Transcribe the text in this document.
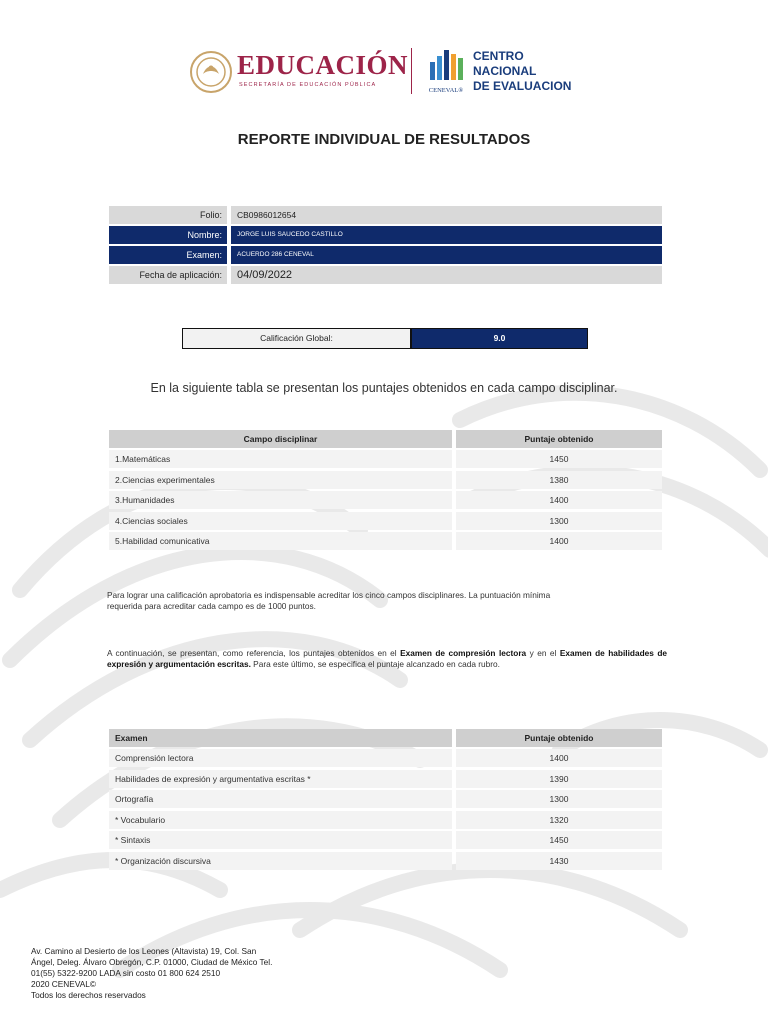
EDUCACIÓN
SECRETARÍA DE EDUCACIÓN PÚBLICA
CENEVAL®
CENTRO
NACIONAL
DE EVALUACION
REPORTE INDIVIDUAL DE RESULTADOS
Folio:	CB0986012654
Nombre:	JORGE LUIS SAUCEDO CASTILLO
Examen:	ACUERDO 286 CENEVAL
Fecha de aplicación:	04/09/2022
Calificación Global:	9.0
En la siguiente tabla se presentan los puntajes obtenidos en cada campo disciplinar.
Campo disciplinar	Puntaje obtenido
1.Matemáticas	1450
2.Ciencias experimentales	1380
3.Humanidades	1400
4.Ciencias sociales	1300
5.Habilidad comunicativa	1400
Para lograr una calificación aprobatoria es indispensable acreditar los cinco campos disciplinares. La puntuación mínima
requerida para acreditar cada campo es de 1000 puntos.
A continuación, se presentan, como referencia, los puntajes obtenidos en el Examen de compresión lectora y en el Examen de habilidades de expresión y argumentación escritas. Para este último, se especifica el puntaje alcanzado en cada rubro.
Examen	Puntaje obtenido
Comprensión lectora	1400
Habilidades de expresión y argumentativa escritas *	1390
Ortografía	1300
* Vocabulario	1320
* Sintaxis	1450
* Organización discursiva	1430
Av. Camino al Desierto de los Leones (Altavista) 19, Col. San
Ángel, Deleg. Álvaro Obregón, C.P. 01000, Ciudad de México Tel.
01(55) 5322-9200 LADA sin costo 01 800 624 2510
2020 CENEVAL©
Todos los derechos reservados
